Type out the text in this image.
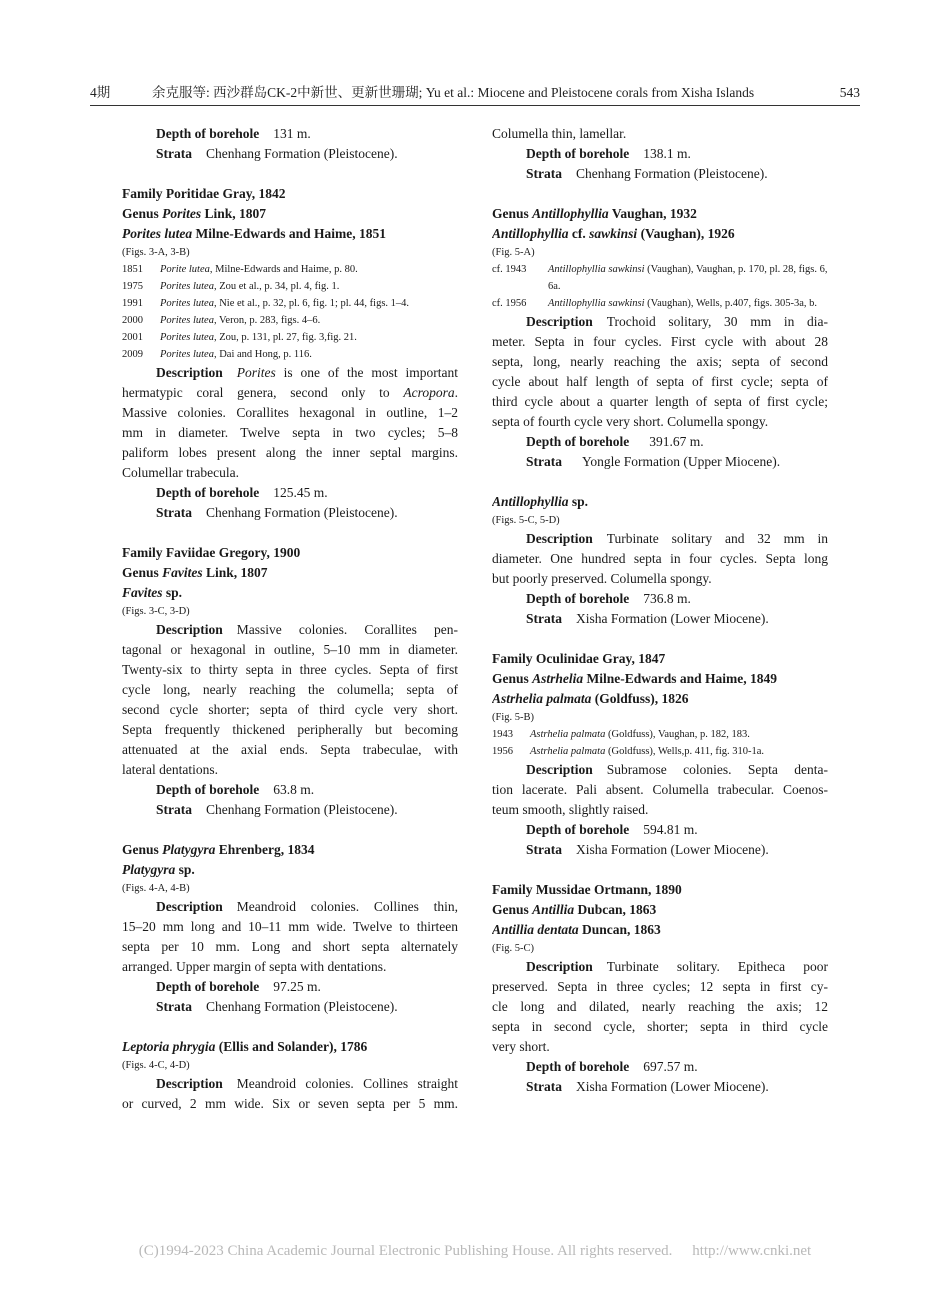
4期	余克服等: 西沙群岛CK-2中新世、更新世珊瑚; Yu et al.: Miocene and Pleistocene corals from Xisha Islands	543
Depth of borehole 131 m.
Strata Chenhang Formation (Pleistocene).
Family Poritidae Gray, 1842
Genus Porites Link, 1807
Porites lutea Milne-Edwards and Haime, 1851
(Figs. 3-A, 3-B)
1851 Porite lutea, Milne-Edwards and Haime, p. 80.
1975 Porites lutea, Zou et al., p. 34, pl. 4, fig. 1.
1991 Porites lutea, Nie et al., p. 32, pl. 6, fig. 1; pl. 44, figs. 1–4.
2000 Porites lutea, Veron, p. 283, figs. 4–6.
2001 Porites lutea, Zou, p. 131, pl. 27, fig. 3,fig. 21.
2009 Porites lutea, Dai and Hong, p. 116.
Description Porites is one of the most important
hermatypic coral genera, second only to Acropora.
Massive colonies. Corallites hexagonal in outline, 1–2
mm in diameter. Twelve septa in two cycles; 5–8
paliform lobes present along the inner septal margins.
Columellar trabecula.
Depth of borehole 125.45 m.
Strata Chenhang Formation (Pleistocene).
Family Faviidae Gregory, 1900
Genus Favites Link, 1807
Favites sp.
(Figs. 3-C, 3-D)
Description Massive colonies. Corallites pen-
tagonal or hexagonal in outline, 5–10 mm in diameter.
Twenty-six to thirty septa in three cycles. Septa of first
cycle long, nearly reaching the columella; septa of
second cycle shorter; septa of third cycle very short.
Septa frequently thickened peripherally but becoming
attenuated at the axial ends. Septa trabeculae, with
lateral dentations.
Depth of borehole 63.8 m.
Strata Chenhang Formation (Pleistocene).
Genus Platygyra Ehrenberg, 1834
Platygyra sp.
(Figs. 4-A, 4-B)
Description Meandroid colonies. Collines thin,
15–20 mm long and 10–11 mm wide. Twelve to thirteen
septa per 10 mm. Long and short septa alternately
arranged. Upper margin of septa with dentations.
Depth of borehole 97.25 m.
Strata Chenhang Formation (Pleistocene).
Leptoria phrygia (Ellis and Solander), 1786
(Figs. 4-C, 4-D)
Description Meandroid colonies. Collines straight
or curved, 2 mm wide. Six or seven septa per 5 mm.
Columella thin, lamellar.
Depth of borehole 138.1 m.
Strata Chenhang Formation (Pleistocene).
Genus Antillophyllia Vaughan, 1932
Antillophyllia cf. sawkinsi (Vaughan), 1926
(Fig. 5-A)
cf. 1943 Antillophyllia sawkinsi (Vaughan), Vaughan, p. 170, pl. 28, figs. 6, 6a.
cf. 1956 Antillophyllia sawkinsi (Vaughan), Wells, p.407, figs. 305-3a, b.
Description Trochoid solitary, 30 mm in dia-
meter. Septa in four cycles. First cycle with about 28
septa, long, nearly reaching the axis; septa of second
cycle about half length of septa of first cycle; septa of
third cycle about a quarter length of septa of first cycle;
septa of fourth cycle very short. Columella spongy.
Depth of borehole 391.67 m.
Strata Yongle Formation (Upper Miocene).
Antillophyllia sp.
(Figs. 5-C, 5-D)
Description Turbinate solitary and 32 mm in
diameter. One hundred septa in four cycles. Septa long
but poorly preserved. Columella spongy.
Depth of borehole 736.8 m.
Strata Xisha Formation (Lower Miocene).
Family Oculinidae Gray, 1847
Genus Astrhelia Milne-Edwards and Haime, 1849
Astrhelia palmata (Goldfuss), 1826
(Fig. 5-B)
1943 Astrhelia palmata (Goldfuss), Vaughan, p. 182, 183.
1956 Astrhelia palmata (Goldfuss), Wells,p. 411, fig. 310-1a.
Description Subramose colonies. Septa denta-
tion lacerate. Pali absent. Columella trabecular. Coenos-
teum smooth, slightly raised.
Depth of borehole 594.81 m.
Strata Xisha Formation (Lower Miocene).
Family Mussidae Ortmann, 1890
Genus Antillia Dubcan, 1863
Antillia dentata Duncan, 1863
(Fig. 5-C)
Description Turbinate solitary. Epitheca poor
preserved. Septa in three cycles; 12 septa in first cy-
cle long and dilated, nearly reaching the axis; 12
septa in second cycle, shorter; septa in third cycle
very short.
Depth of borehole 697.57 m.
Strata Xisha Formation (Lower Miocene).
(C)1994-2023 China Academic Journal Electronic Publishing House. All rights reserved. http://www.cnki.net
